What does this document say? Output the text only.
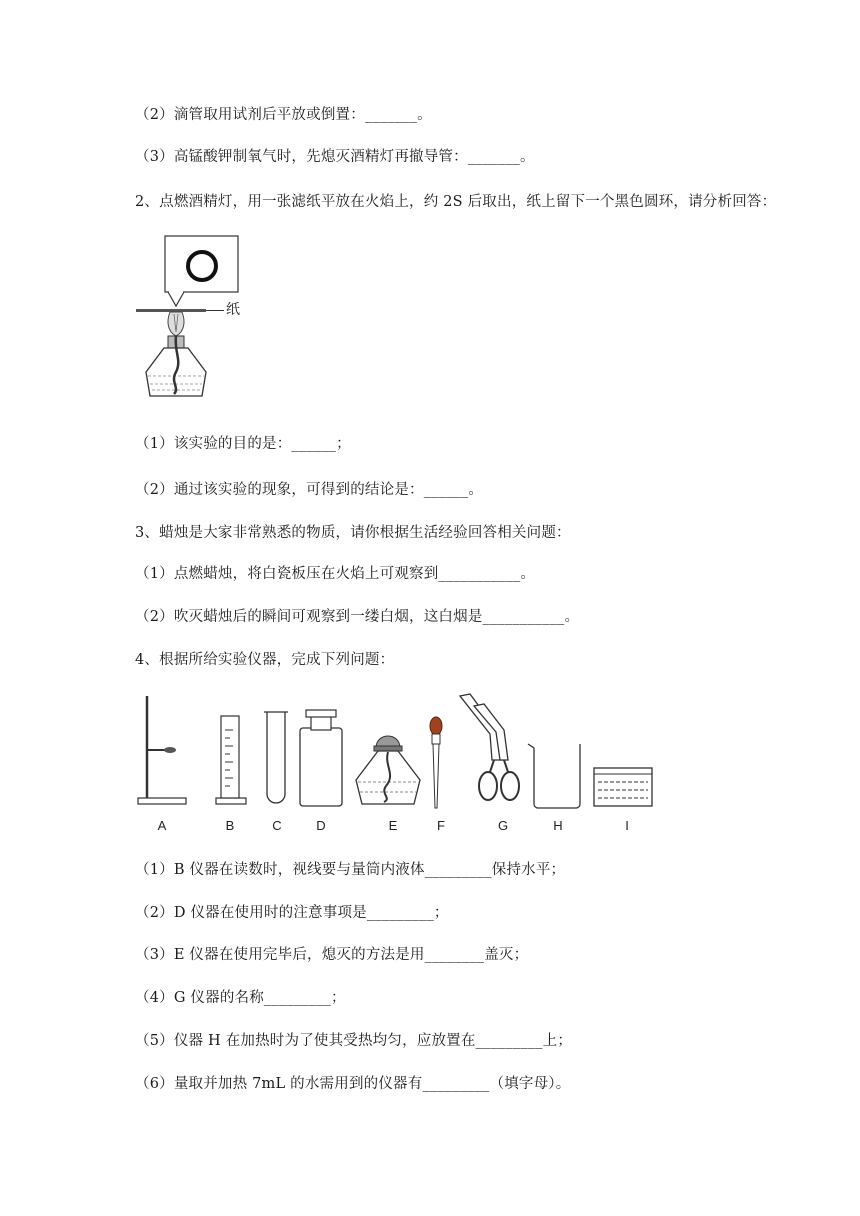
（2）滴管取用试剂后平放或倒置：_______。
（3）高锰酸钾制氧气时，先熄灭酒精灯再撤导管：_______。
2、点燃酒精灯，用一张滤纸平放在火焰上，约 2S 后取出，纸上留下一个黑色圆环，请分析回答：
纸
（1）该实验的目的是：______；
（2）通过该实验的现象，可得到的结论是：______。
3、蜡烛是大家非常熟悉的物质，请你根据生活经验回答相关问题：
（1）点燃蜡烛，将白瓷板压在火焰上可观察到___________。
（2）吹灭蜡烛后的瞬间可观察到一缕白烟，这白烟是___________。
4、根据所给实验仪器，完成下列问题：
A	B	C	D	E	F	G	H	I
（1）B 仪器在读数时，视线要与量筒内液体_________保持水平；
（2）D 仪器在使用时的注意事项是_________；
（3）E 仪器在使用完毕后，熄灭的方法是用________盖灭；
（4）G 仪器的名称_________；
（5）仪器 H 在加热时为了使其受热均匀，应放置在_________上；
（6）量取并加热 7mL 的水需用到的仪器有_________（填字母）。
